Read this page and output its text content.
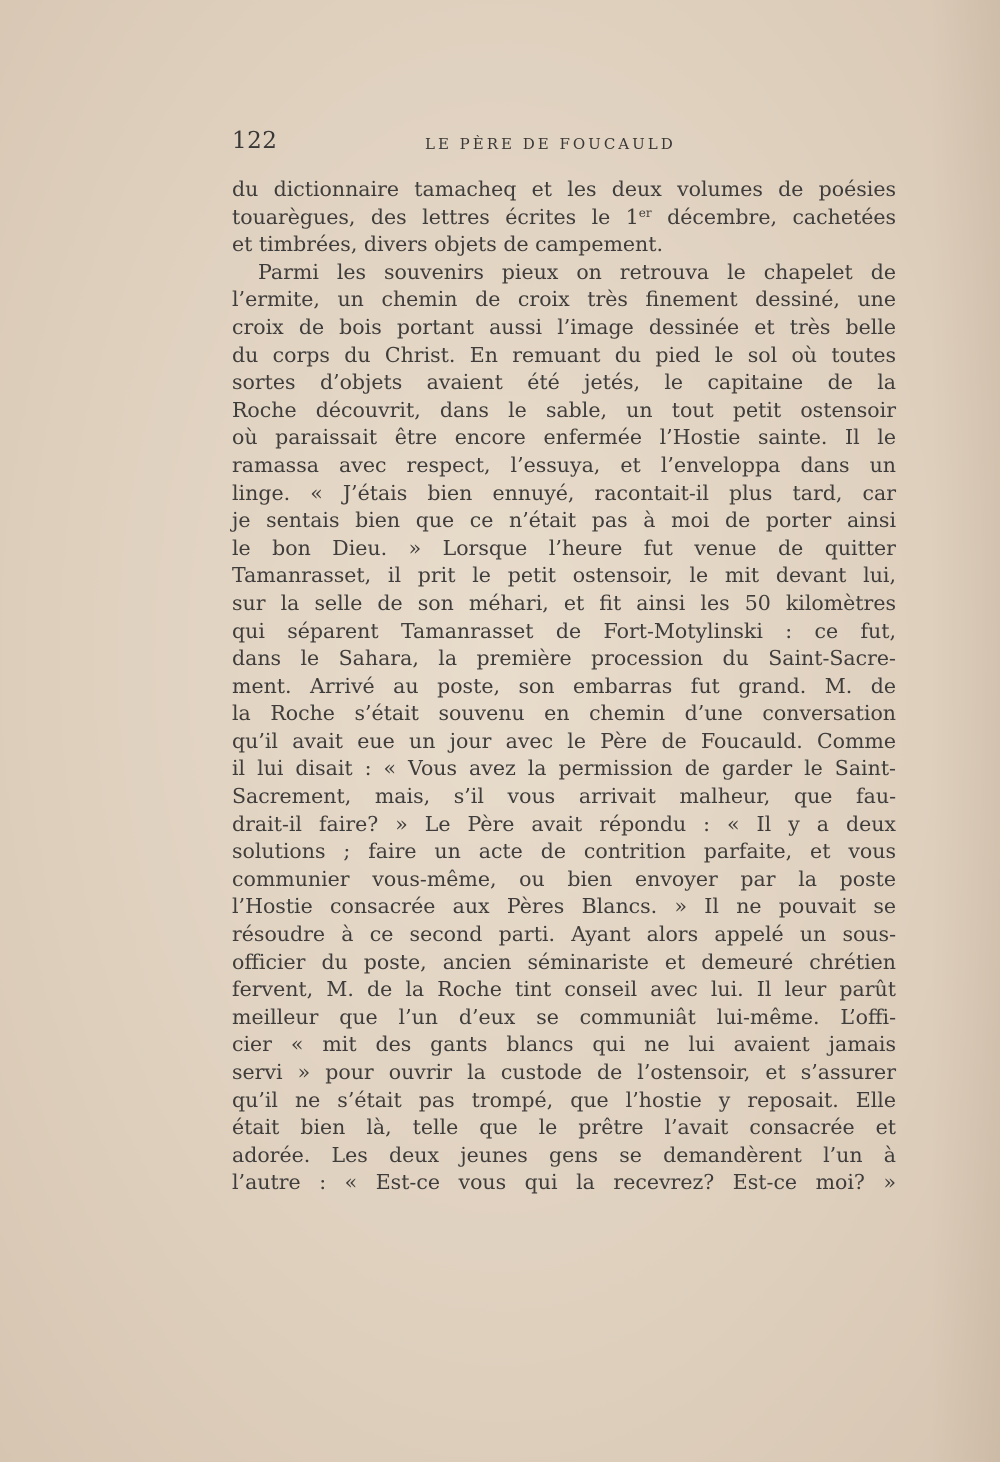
122	LE PÈRE DE FOUCAULD
du dictionnaire tamacheq et les deux volumes de poésies
touarègues, des lettres écrites le 1er décembre, cachetées
et timbrées, divers objets de campement.
Parmi les souvenirs pieux on retrouva le chapelet de
l’ermite, un chemin de croix très finement dessiné, une
croix de bois portant aussi l’image dessinée et très belle
du corps du Christ. En remuant du pied le sol où toutes
sortes d’objets avaient été jetés, le capitaine de la
Roche découvrit, dans le sable, un tout petit ostensoir
où paraissait être encore enfermée l’Hostie sainte. Il le
ramassa avec respect, l’essuya, et l’enveloppa dans un
linge. « J’étais bien ennuyé, racontait-il plus tard, car
je sentais bien que ce n’était pas à moi de porter ainsi
le bon Dieu. » Lorsque l’heure fut venue de quitter
Tamanrasset, il prit le petit ostensoir, le mit devant lui,
sur la selle de son méhari, et fit ainsi les 50 kilomètres
qui séparent Tamanrasset de Fort-Motylinski : ce fut,
dans le Sahara, la première procession du Saint-Sacre-
ment. Arrivé au poste, son embarras fut grand. M. de
la Roche s’était souvenu en chemin d’une conversation
qu’il avait eue un jour avec le Père de Foucauld. Comme
il lui disait : « Vous avez la permission de garder le Saint-
Sacrement, mais, s’il vous arrivait malheur, que fau-
drait-il faire? » Le Père avait répondu : « Il y a deux
solutions ; faire un acte de contrition parfaite, et vous
communier vous-même, ou bien envoyer par la poste
l’Hostie consacrée aux Pères Blancs. » Il ne pouvait se
résoudre à ce second parti. Ayant alors appelé un sous-
officier du poste, ancien séminariste et demeuré chrétien
fervent, M. de la Roche tint conseil avec lui. Il leur parût
meilleur que l’un d’eux se communiât lui-même. L’offi-
cier « mit des gants blancs qui ne lui avaient jamais
servi » pour ouvrir la custode de l’ostensoir, et s’assurer
qu’il ne s’était pas trompé, que l’hostie y reposait. Elle
était bien là, telle que le prêtre l’avait consacrée et
adorée. Les deux jeunes gens se demandèrent l’un à
l’autre : « Est-ce vous qui la recevrez? Est-ce moi? »
